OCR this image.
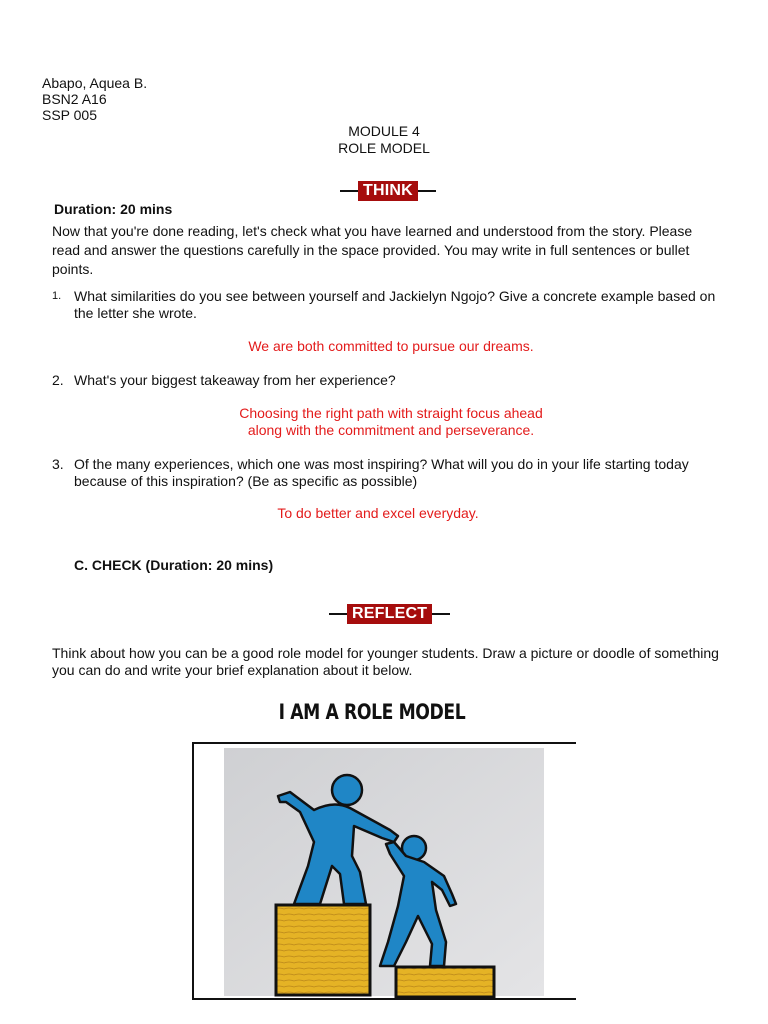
Abapo, Aquea B.
BSN2 A16
SSP 005
MODULE 4
ROLE MODEL
THINK
Duration: 20 mins
Now that you're done reading, let's check what you have learned and understood from the story. Please
read and answer the questions carefully in the space provided. You may write in full sentences or bullet
points.
1. What similarities do you see between yourself and Jackielyn Ngojo? Give a concrete example based on
the letter she wrote.
We are both committed to pursue our dreams.
2. What's your biggest takeaway from her experience?
Choosing the right path with straight focus ahead
along with the commitment and perseverance.
3. Of the many experiences, which one was most inspiring? What will you do in your life starting today
because of this inspiration? (Be as specific as possible)
To do better and excel everyday.
C. CHECK (Duration: 20 mins)
REFLECT
Think about how you can be a good role model for younger students. Draw a picture or doodle of something
you can do and write your brief explanation about it below.
I AM A ROLE MODEL
